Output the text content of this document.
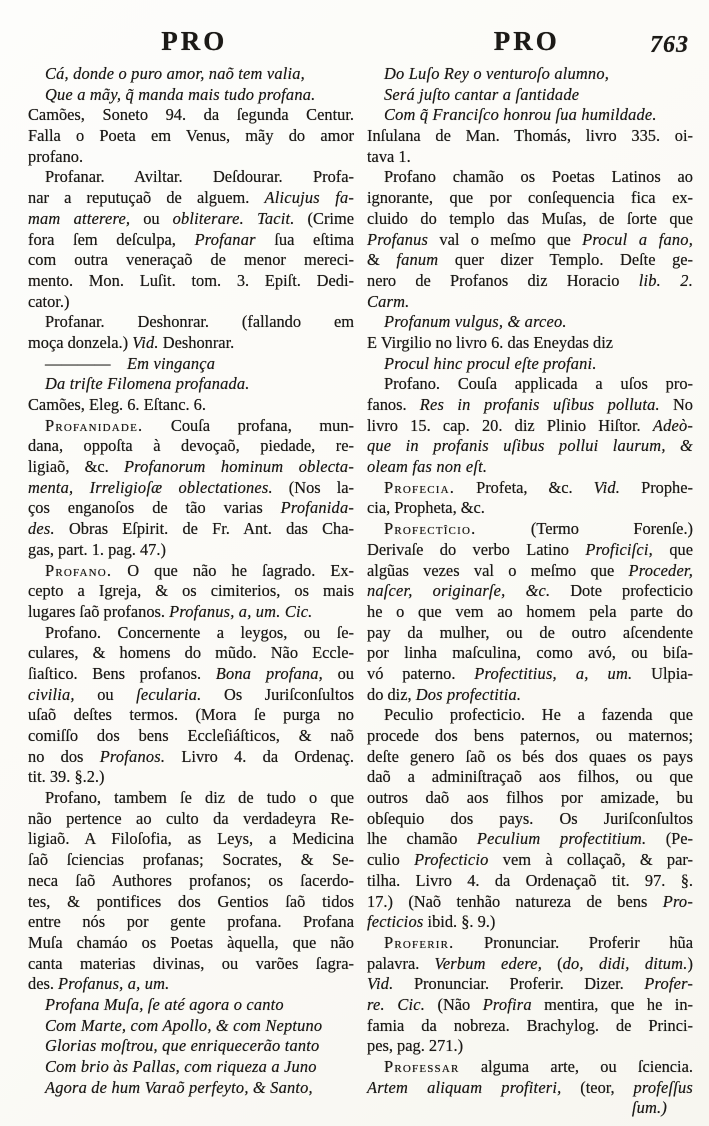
PRO	PRO	763
Cá, donde o puro amor, naõ tem valia,
Que a mãy, q̃ manda mais tudo profana.
Camões, Soneto 94. da ſegunda Centur.
Falla o Poeta em Venus, mãy do amor
profano.
Profanar. Aviltar. Deſdourar. Profa-
nar a reputuçaõ de alguem. Alicujus fa-
mam atterere, ou obliterare. Tacit. (Crime
fora ſem deſculpa, Profanar ſua eſtima
com outra veneraçaõ de menor mereci-
mento. Mon. Luſit. tom. 3. Epiſt. Dedi-
cator.)
Profanar. Deshonrar. (fallando em
moça donzela.) Vid. Deshonrar.
————    Em vingança
Da triſte Filomena profanada.
Camões, Eleg. 6. Eſtanc. 6.
Profanidade. Couſa profana, mun-
dana, oppoſta à devoçaõ, piedade, re-
ligiaõ, &c. Profanorum hominum oblecta-
menta, Irreligioſæ oblectationes. (Nos la-
ços enganoſos de tão varias Profanida-
des. Obras Eſpirit. de Fr. Ant. das Cha-
gas, part. 1. pag. 47.)
Profano. O que não he ſagrado. Ex-
cepto a Igreja, & os cimiterios, os mais
lugares ſaõ profanos. Profanus, a, um. Cic.
Profano. Concernente a leygos, ou ſe-
culares, & homens do mũdo. Não Eccle-
ſiaſtico. Bens profanos. Bona profana, ou
civilia, ou ſecularia. Os Juriſconſultos
uſaõ deſtes termos. (Mora ſe purga no
comiſſo dos bens Eccleſiáſticos, & naõ
no dos Profanos. Livro 4. da Ordenaç.
tit. 39. §.2.)
Profano, tambem ſe diz de tudo o que
não pertence ao culto da verdadeyra Re-
ligiaõ. A Filoſofia, as Leys, a Medicina
ſaõ ſciencias profanas; Socrates, & Se-
neca ſaõ Authores profanos; os ſacerdo-
tes, & pontifices dos Gentios ſaõ tidos
entre nós por gente profana. Profana
Muſa chamáo os Poetas àquella, que não
canta materias divinas, ou varões ſagra-
des. Profanus, a, um.
Profana Muſa, ſe até agora o canto
Com Marte, com Apollo, & com Neptuno
Glorias moſtrou, que enriquecerão tanto
Com brio às Pallas, com riqueza a Juno
Agora de hum Varaõ perfeyto, & Santo,
Do Luſo Rey o venturoſo alumno,
Será juſto cantar a ſantidade
Com q̃ Franciſco honrou ſua humildade.
Inſulana de Man. Thomás, livro 335. oi-
tava 1.
Profano chamão os Poetas Latinos ao
ignorante, que por conſequencia fica ex-
cluido do templo das Muſas, de ſorte que
Profanus val o meſmo que Procul a fano,
& fanum quer dizer Templo. Deſte ge-
nero de Profanos diz Horacio lib. 2.
Carm.
Profanum vulgus, & arceo.
E Virgilio no livro 6. das Eneydas diz
Procul hinc procul eſte profani.
Profano. Couſa applicada a uſos pro-
fanos. Res in profanis uſibus polluta. No
livro 15. cap. 20. diz Plinio Hiſtor. Adeò-
que in profanis uſibus pollui laurum, &
oleam fas non eſt.
Profecia. Profeta, &c. Vid. Prophe-
cia, Propheta, &c.
Profectîcio. (Termo Forenſe.)
Derivaſe do verbo Latino Proficiſci, que
algũas vezes val o meſmo que Proceder,
naſcer, originarſe, &c. Dote profecticio
he o que vem ao homem pela parte do
pay da mulher, ou de outro aſcendente
por linha maſculina, como avó, ou biſa-
vó paterno. Profectitius, a, um. Ulpia-
do diz, Dos profectitia.
Peculio profecticio. He a fazenda que
procede dos bens paternos, ou maternos;
deſte genero ſaõ os bés dos quaes os pays
daõ a adminiſtraçaõ aos filhos, ou que
outros daõ aos filhos por amizade, bu
obſequio dos pays. Os Juriſconſultos
lhe chamão Peculium profectitium. (Pe-
culio Profecticio vem à collaçaõ, & par-
tilha. Livro 4. da Ordenaçaõ tit. 97. §.
17.) (Naõ tenhão natureza de bens Pro-
fecticios ibid. §. 9.)
Proferir. Pronunciar. Proferir hũa
palavra. Verbum edere, (do, didi, ditum.)
Vid. Pronunciar. Proferir. Dizer. Profer-
re. Cic. (Não Profira mentira, que he in-
famia da nobreza. Brachylog. de Princi-
pes, pag. 271.)
Professar alguma arte, ou ſciencia.
Artem aliquam profiteri, (teor, profeſſus
ſum.)
